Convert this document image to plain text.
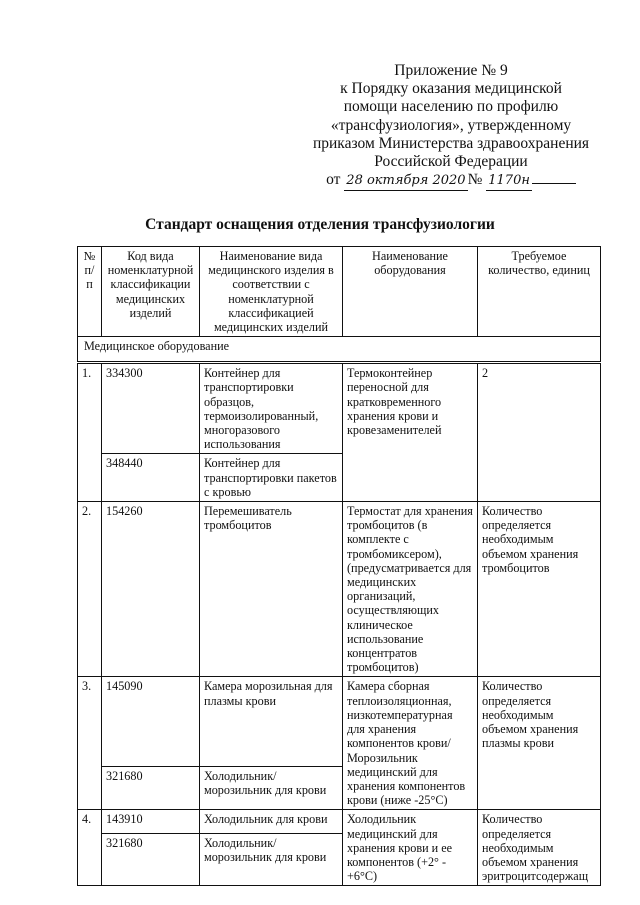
Приложение № 9
к Порядку оказания медицинской
помощи населению по профилю
«трансфузиология», утвержденному
приказом Министерства здравоохранения
Российской Федерации
от 28 октября 2020 № 1170н
Стандарт оснащения отделения трансфузиологии
№ п/п	Код вида номенклатурной классификации медицинских изделий	Наименование вида медицинского изделия в соответствии с номенклатурной классификацией медицинских изделий	Наименование оборудования	Требуемое количество, единиц
Медицинское оборудование				
1.	334300	Контейнер для транспортировки образцов, термоизолированный, многоразового использования	Термоконтейнер переносной для кратковременного хранения крови и кровезаменителей	2
	348440	Контейнер для транспортировки пакетов с кровью		
2.	154260	Перемешиватель тромбоцитов	Термостат для хранения тромбоцитов (в комплекте с тромбомиксером), (предусматривается для медицинских организаций, осуществляющих клиническое использование концентратов тромбоцитов)	Количество определяется необходимым объемом хранения тромбоцитов
3.	145090	Камера морозильная для плазмы крови	Камера сборная теплоизоляционная, низкотемпературная для хранения компонентов крови/ Морозильник медицинский для хранения компонентов крови (ниже -25°С)	Количество определяется необходимым объемом хранения плазмы крови
	321680	Холодильник/ морозильник для крови		
4.	143910	Холодильник для крови	Холодильник медицинский для хранения крови и ее компонентов (+2° - +6°С)	Количество определяется необходимым объемом хранения эритроцитсодержащ
	321680	Холодильник/ морозильник для крови		
